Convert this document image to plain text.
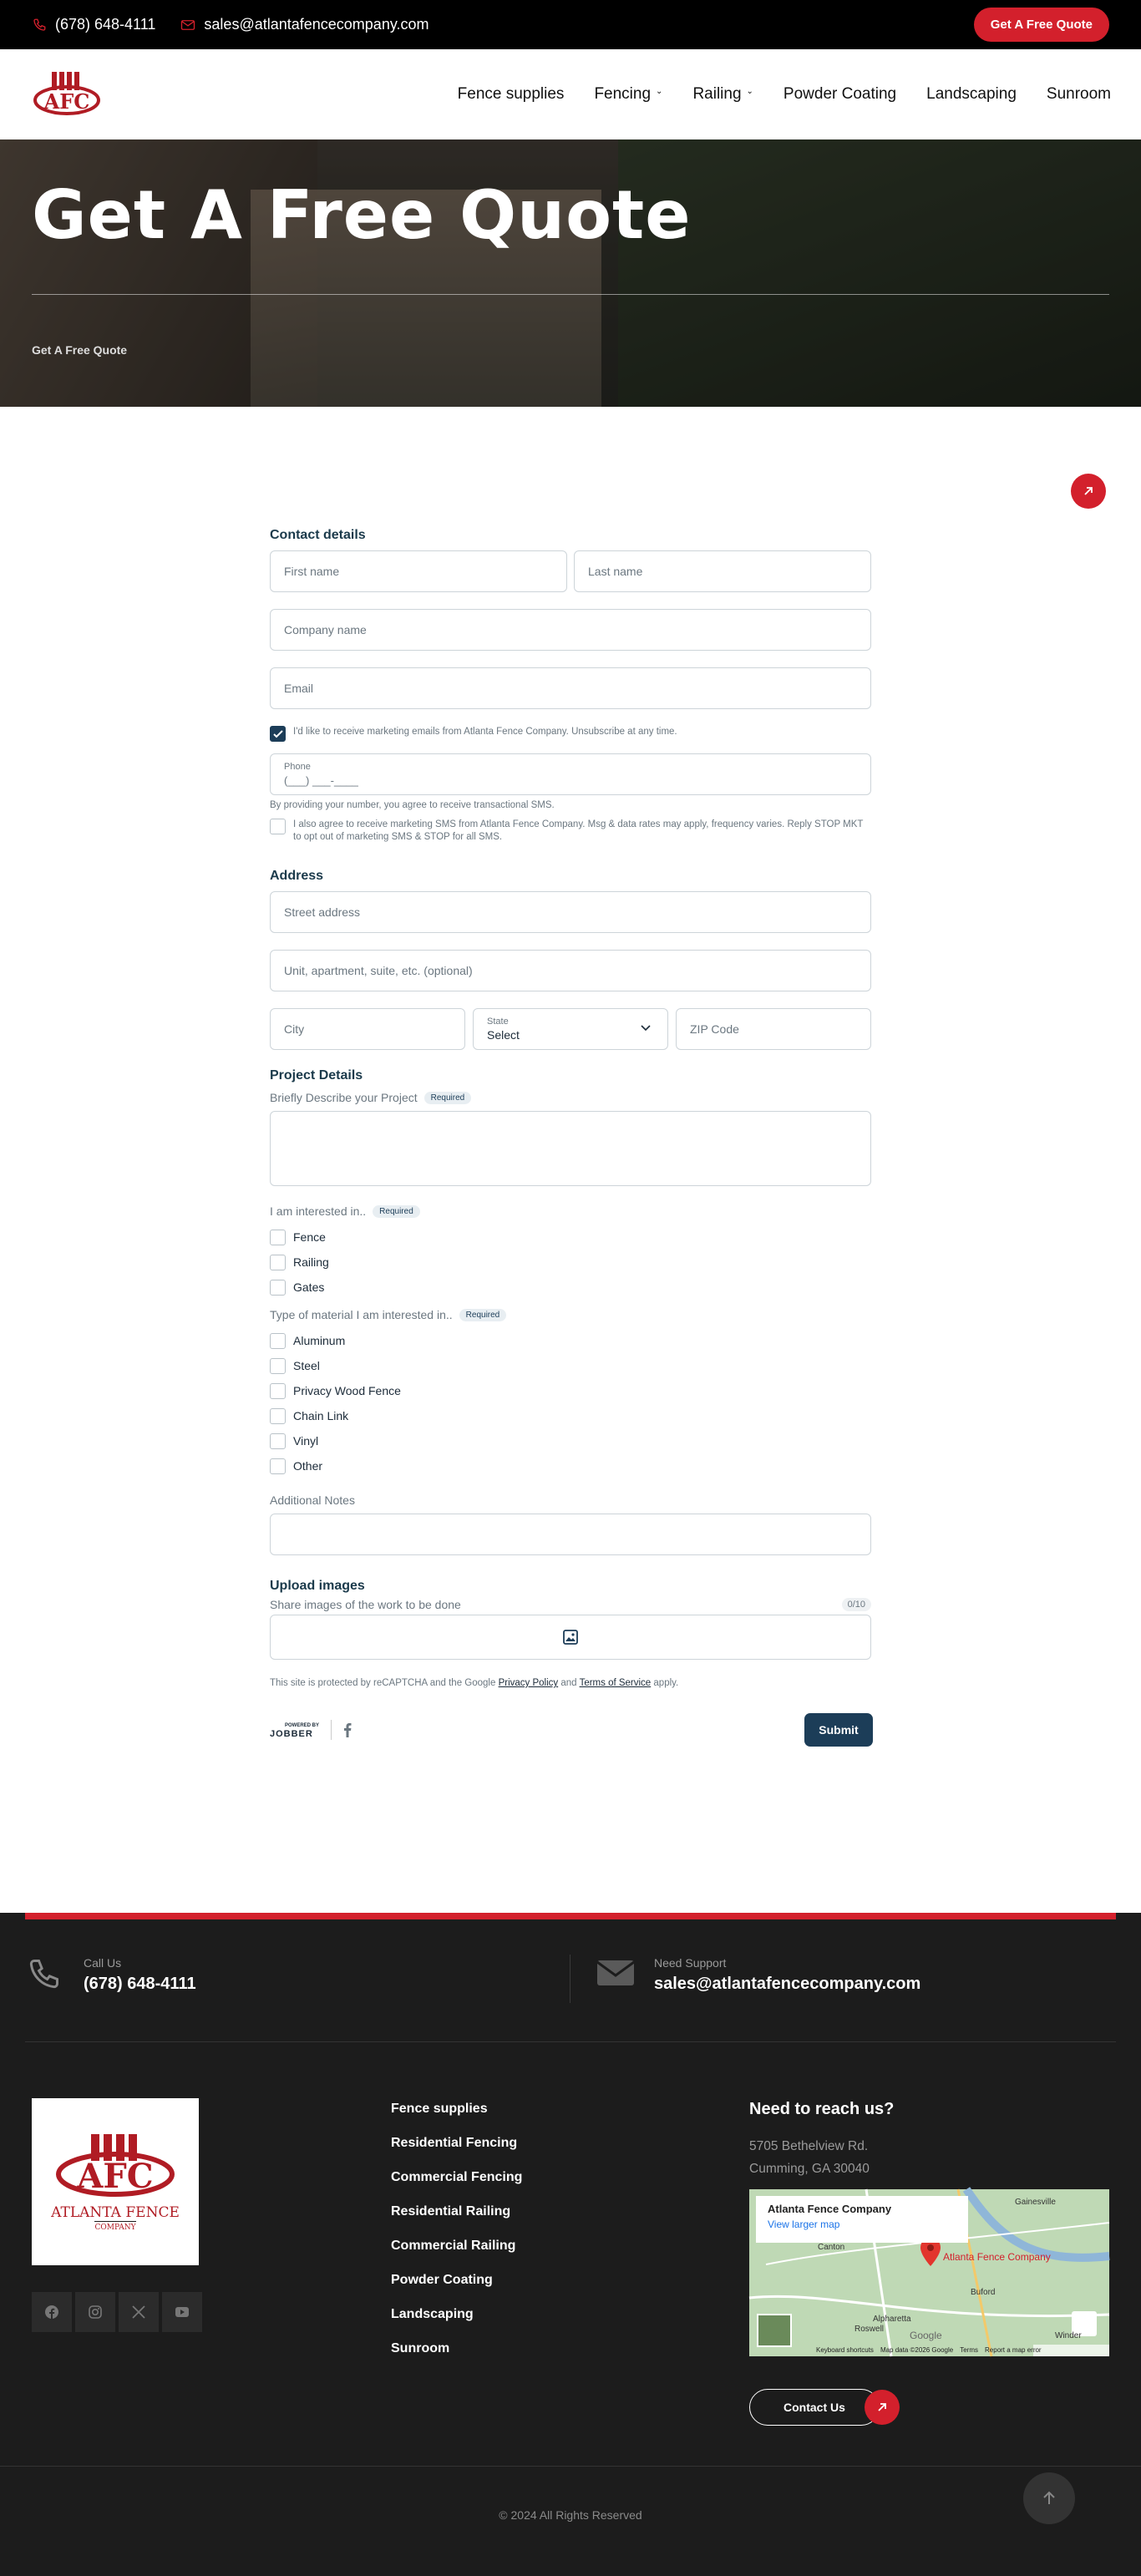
(678) 648-4111	sales@atlantafencecompany.com	Get A Free Quote
AFC	Fence supplies Fencing ⌄ Railing ⌄ Powder Coating Landscaping Sunroom
Get A Free Quote
Get A Free Quote
Get A Free Quote
Contact details
First name	Last name
Company name
Email
I'd like to receive marketing emails from Atlanta Fence Company. Unsubscribe at any time.
Phone
(___) ___-____
By providing your number, you agree to receive transactional SMS.
I also agree to receive marketing SMS from Atlanta Fence Company. Msg & data rates may apply, frequency varies. Reply STOP MKT to opt out of marketing SMS & STOP for all SMS.
Address
Street address
Unit, apartment, suite, etc. (optional)
City
State
Select	ZIP Code
Project Details
Briefly Describe your Project	Required
I am interested in..	Required
Fence
Railing
Gates
Type of material I am interested in..	Required
Aluminum
Steel
Privacy Wood Fence
Chain Link
Vinyl
Other
Additional Notes
Upload images
Share images of the work to be done	0/10
This site is protected by reCAPTCHA and the Google Privacy Policy and Terms of Service apply.
POWERED BY
JOBBER	Submit
Call Us
(678) 648-4111
Need Support
sales@atlantafencecompany.com
AFC
ATLANTA FENCE
COMPANY
Fence supplies
Residential Fencing
Commercial Fencing
Residential Railing
Commercial Railing
Powder Coating
Landscaping
Sunroom
Need to reach us?
5705 Bethelview Rd.
Cumming, GA 30040
Atlanta Fence Company
View larger map
Atlanta Fence Company
Gainesville
Canton
Buford
Alpharetta
Roswell
Winder
Google
Keyboard shortcuts Map data ©2026 Google Terms Report a map error
Contact Us
© 2024 All Rights Reserved
